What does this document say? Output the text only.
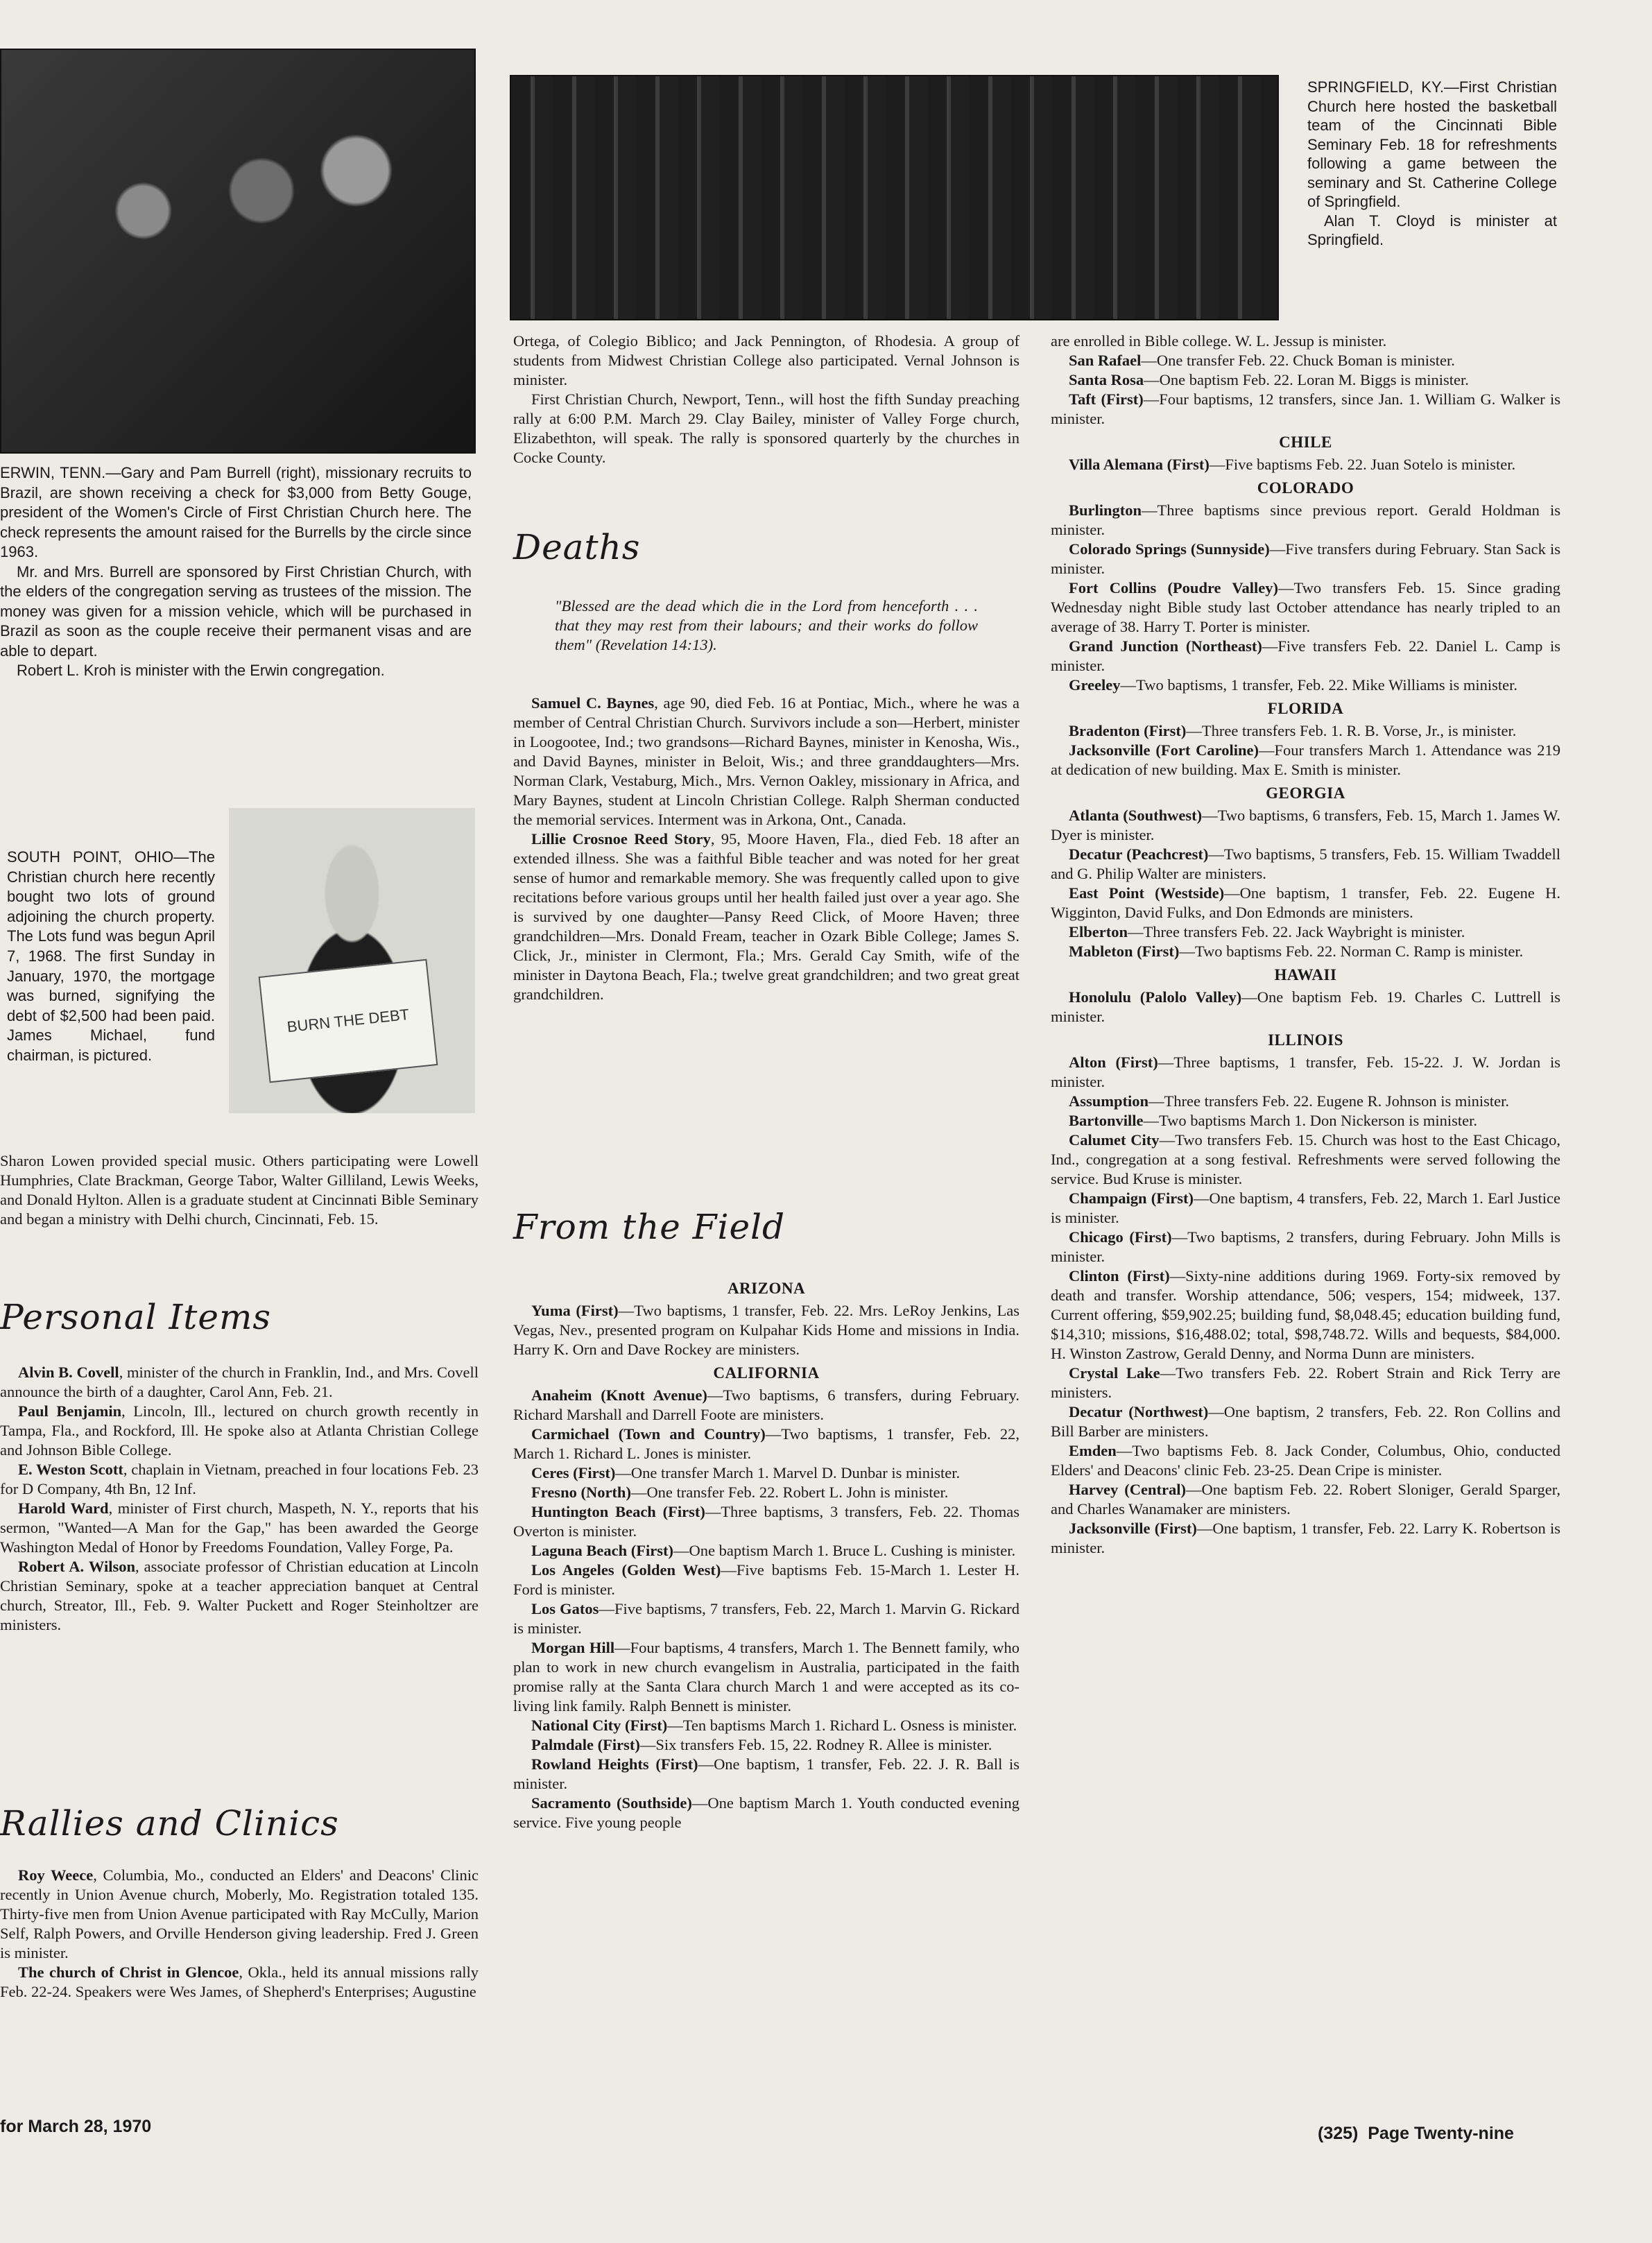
ERWIN, TENN.—Gary and Pam Burrell (right), missionary recruits to Brazil, are shown receiving a check for $3,000 from Betty Gouge, president of the Women's Circle of First Christian Church here. The check represents the amount raised for the Burrells by the circle since 1963.

Mr. and Mrs. Burrell are sponsored by First Christian Church, with the elders of the congregation serving as trustees of the mission. The money was given for a mission vehicle, which will be purchased in Brazil as soon as the couple receive their permanent visas and are able to depart.

Robert L. Kroh is minister with the Erwin congregation.

SOUTH POINT, OHIO—The Christian church here recently bought two lots of ground adjoining the church property. The Lots fund was begun April 7, 1968. The first Sunday in January, 1970, the mortgage was burned, signifying the debt of $2,500 had been paid. James Michael, fund chairman, is pictured.

BURN THE DEBT

Sharon Lowen provided special music. Others participating were Lowell Humphries, Clate Brackman, George Tabor, Walter Gilliland, Lewis Weeks, and Donald Hylton. Allen is a graduate student at Cincinnati Bible Seminary and began a ministry with Delhi church, Cincinnati, Feb. 15.

Personal Items

Alvin B. Covell, minister of the church in Franklin, Ind., and Mrs. Covell announce the birth of a daughter, Carol Ann, Feb. 21.

Paul Benjamin, Lincoln, Ill., lectured on church growth recently in Tampa, Fla., and Rockford, Ill. He spoke also at Atlanta Christian College and Johnson Bible College.

E. Weston Scott, chaplain in Vietnam, preached in four locations Feb. 23 for D Company, 4th Bn, 12 Inf.

Harold Ward, minister of First church, Maspeth, N. Y., reports that his sermon, "Wanted—A Man for the Gap," has been awarded the George Washington Medal of Honor by Freedoms Foundation, Valley Forge, Pa.

Robert A. Wilson, associate professor of Christian education at Lincoln Christian Seminary, spoke at a teacher appreciation banquet at Central church, Streator, Ill., Feb. 9. Walter Puckett and Roger Steinholtzer are ministers.

Rallies and Clinics

Roy Weece, Columbia, Mo., conducted an Elders' and Deacons' Clinic recently in Union Avenue church, Moberly, Mo. Registration totaled 135. Thirty-five men from Union Avenue participated with Ray McCully, Marion Self, Ralph Powers, and Orville Henderson giving leadership. Fred J. Green is minister.

The church of Christ in Glencoe, Okla., held its annual missions rally Feb. 22-24. Speakers were Wes James, of Shepherd's Enterprises; Augustine

for March 28, 1970

Ortega, of Colegio Biblico; and Jack Pennington, of Rhodesia. A group of students from Midwest Christian College also participated. Vernal Johnson is minister.

First Christian Church, Newport, Tenn., will host the fifth Sunday preaching rally at 6:00 P.M. March 29. Clay Bailey, minister of Valley Forge church, Elizabethton, will speak. The rally is sponsored quarterly by the churches in Cocke County.

Deaths

"Blessed are the dead which die in the Lord from henceforth . . . that they may rest from their labours; and their works do follow them" (Revelation 14:13).

Samuel C. Baynes, age 90, died Feb. 16 at Pontiac, Mich., where he was a member of Central Christian Church. Survivors include a son—Herbert, minister in Loogootee, Ind.; two grandsons—Richard Baynes, minister in Kenosha, Wis., and David Baynes, minister in Beloit, Wis.; and three granddaughters—Mrs. Norman Clark, Vestaburg, Mich., Mrs. Vernon Oakley, missionary in Africa, and Mary Baynes, student at Lincoln Christian College. Ralph Sherman conducted the memorial services. Interment was in Arkona, Ont., Canada.

Lillie Crosnoe Reed Story, 95, Moore Haven, Fla., died Feb. 18 after an extended illness. She was a faithful Bible teacher and was noted for her great sense of humor and remarkable memory. She was frequently called upon to give recitations before various groups until her health failed just over a year ago. She is survived by one daughter—Pansy Reed Click, of Moore Haven; three grandchildren—Mrs. Donald Fream, teacher in Ozark Bible College; James S. Click, Jr., minister in Clermont, Fla.; Mrs. Gerald Cay Smith, wife of the minister in Daytona Beach, Fla.; twelve great grandchildren; and two great great grandchildren.

From the Field
ARIZONA

Yuma (First)—Two baptisms, 1 transfer, Feb. 22. Mrs. LeRoy Jenkins, Las Vegas, Nev., presented program on Kulpahar Kids Home and missions in India. Harry K. Orn and Dave Rockey are ministers.

CALIFORNIA

Anaheim (Knott Avenue)—Two baptisms, 6 transfers, during February. Richard Marshall and Darrell Foote are ministers.

Carmichael (Town and Country)—Two baptisms, 1 transfer, Feb. 22, March 1. Richard L. Jones is minister.

Ceres (First)—One transfer March 1. Marvel D. Dunbar is minister.

Fresno (North)—One transfer Feb. 22. Robert L. John is minister.

Huntington Beach (First)—Three baptisms, 3 transfers, Feb. 22. Thomas Overton is minister.

Laguna Beach (First)—One baptism March 1. Bruce L. Cushing is minister.

Los Angeles (Golden West)—Five baptisms Feb. 15-March 1. Lester H. Ford is minister.

Los Gatos—Five baptisms, 7 transfers, Feb. 22, March 1. Marvin G. Rickard is minister.

Morgan Hill—Four baptisms, 4 transfers, March 1. The Bennett family, who plan to work in new church evangelism in Australia, participated in the faith promise rally at the Santa Clara church March 1 and were accepted as its co-living link family. Ralph Bennett is minister.

National City (First)—Ten baptisms March 1. Richard L. Osness is minister.

Palmdale (First)—Six transfers Feb. 15, 22. Rodney R. Allee is minister.

Rowland Heights (First)—One baptism, 1 transfer, Feb. 22. J. R. Ball is minister.

Sacramento (Southside)—One baptism March 1. Youth conducted evening service. Five young people

SPRINGFIELD, KY.—First Christian Church here hosted the basketball team of the Cincinnati Bible Seminary Feb. 18 for refreshments following a game between the seminary and St. Catherine College of Springfield.

Alan T. Cloyd is minister at Springfield.

are enrolled in Bible college. W. L. Jessup is minister.

San Rafael—One transfer Feb. 22. Chuck Boman is minister.

Santa Rosa—One baptism Feb. 22. Loran M. Biggs is minister.

Taft (First)—Four baptisms, 12 transfers, since Jan. 1. William G. Walker is minister.

CHILE

Villa Alemana (First)—Five baptisms Feb. 22. Juan Sotelo is minister.

COLORADO

Burlington—Three baptisms since previous report. Gerald Holdman is minister.

Colorado Springs (Sunnyside)—Five transfers during February. Stan Sack is minister.

Fort Collins (Poudre Valley)—Two transfers Feb. 15. Since grading Wednesday night Bible study last October attendance has nearly tripled to an average of 38. Harry T. Porter is minister.

Grand Junction (Northeast)—Five transfers Feb. 22. Daniel L. Camp is minister.

Greeley—Two baptisms, 1 transfer, Feb. 22. Mike Williams is minister.

FLORIDA

Bradenton (First)—Three transfers Feb. 1. R. B. Vorse, Jr., is minister.

Jacksonville (Fort Caroline)—Four transfers March 1. Attendance was 219 at dedication of new building. Max E. Smith is minister.

GEORGIA

Atlanta (Southwest)—Two baptisms, 6 transfers, Feb. 15, March 1. James W. Dyer is minister.

Decatur (Peachcrest)—Two baptisms, 5 transfers, Feb. 15. William Twaddell and G. Philip Walter are ministers.

East Point (Westside)—One baptism, 1 transfer, Feb. 22. Eugene H. Wigginton, David Fulks, and Don Edmonds are ministers.

Elberton—Three transfers Feb. 22. Jack Waybright is minister.

Mableton (First)—Two baptisms Feb. 22. Norman C. Ramp is minister.

HAWAII

Honolulu (Palolo Valley)—One baptism Feb. 19. Charles C. Luttrell is minister.

ILLINOIS

Alton (First)—Three baptisms, 1 transfer, Feb. 15-22. J. W. Jordan is minister.

Assumption—Three transfers Feb. 22. Eugene R. Johnson is minister.

Bartonville—Two baptisms March 1. Don Nickerson is minister.

Calumet City—Two transfers Feb. 15. Church was host to the East Chicago, Ind., congregation at a song festival. Refreshments were served following the service. Bud Kruse is minister.

Champaign (First)—One baptism, 4 transfers, Feb. 22, March 1. Earl Justice is minister.

Chicago (First)—Two baptisms, 2 transfers, during February. John Mills is minister.

Clinton (First)—Sixty-nine additions during 1969. Forty-six removed by death and transfer. Worship attendance, 506; vespers, 154; midweek, 137. Current offering, $59,902.25; building fund, $8,048.45; education building fund, $14,310; missions, $16,488.02; total, $98,748.72. Wills and bequests, $84,000. H. Winston Zastrow, Gerald Denny, and Norma Dunn are ministers.

Crystal Lake—Two transfers Feb. 22. Robert Strain and Rick Terry are ministers.

Decatur (Northwest)—One baptism, 2 transfers, Feb. 22. Ron Collins and Bill Barber are ministers.

Emden—Two baptisms Feb. 8. Jack Conder, Columbus, Ohio, conducted Elders' and Deacons' clinic Feb. 23-25. Dean Cripe is minister.

Harvey (Central)—One baptism Feb. 22. Robert Sloniger, Gerald Sparger, and Charles Wanamaker are ministers.

Jacksonville (First)—One baptism, 1 transfer, Feb. 22. Larry K. Robertson is minister.

(325)  Page Twenty-nine
